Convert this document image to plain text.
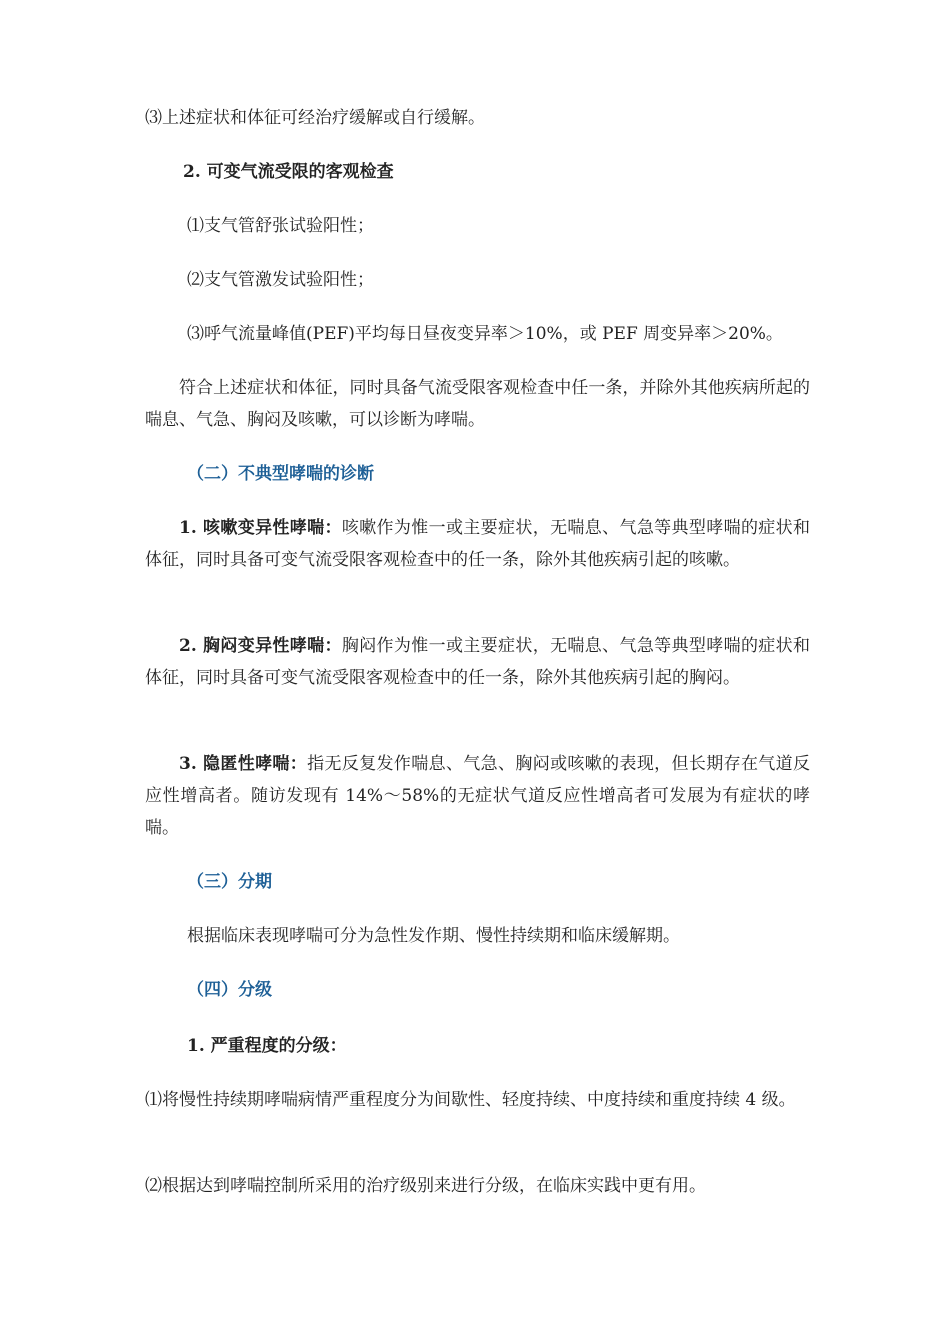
⑶上述症状和体征可经治疗缓解或自行缓解。
2. 可变气流受限的客观检查
⑴支气管舒张试验阳性；
⑵支气管激发试验阳性；
⑶呼气流量峰值(PEF)平均每日昼夜变异率＞10%，或 PEF 周变异率＞20%。
符合上述症状和体征，同时具备气流受限客观检查中任一条，并除外其他疾病所起的喘息、气急、胸闷及咳嗽，可以诊断为哮喘。
（二）不典型哮喘的诊断
1. 咳嗽变异性哮喘：咳嗽作为惟一或主要症状，无喘息、气急等典型哮喘的症状和体征，同时具备可变气流受限客观检查中的任一条，除外其他疾病引起的咳嗽。
2. 胸闷变异性哮喘：胸闷作为惟一或主要症状，无喘息、气急等典型哮喘的症状和体征，同时具备可变气流受限客观检查中的任一条，除外其他疾病引起的胸闷。
3. 隐匿性哮喘：指无反复发作喘息、气急、胸闷或咳嗽的表现，但长期存在气道反应性增高者。随访发现有 14%～58%的无症状气道反应性增高者可发展为有症状的哮喘。
（三）分期
根据临床表现哮喘可分为急性发作期、慢性持续期和临床缓解期。
（四）分级
1. 严重程度的分级：
⑴将慢性持续期哮喘病情严重程度分为间歇性、轻度持续、中度持续和重度持续 4 级。
⑵根据达到哮喘控制所采用的治疗级别来进行分级，在临床实践中更有用。
